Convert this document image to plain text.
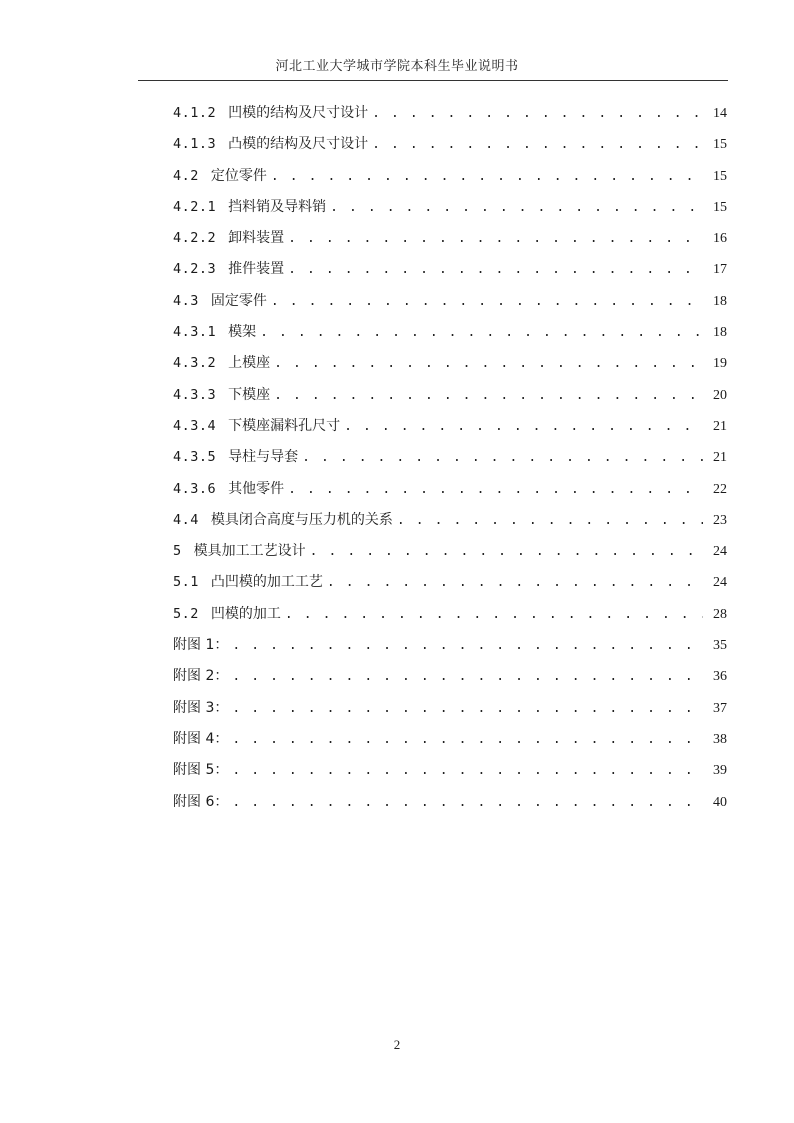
河北工业大学城市学院本科生毕业说明书
4.1.2 凹模的结构及尺寸设计 . . .	14
4.1.3 凸模的结构及尺寸设计 . . .	15
4.2 定位零件 . . .	15
4.2.1 挡料销及导料销 . . .	15
4.2.2 卸料装置 . . .	16
4.2.3 推件装置 . . .	17
4.3 固定零件 . . .	18
4.3.1 模架 . . .	18
4.3.2 上模座 . . .	19
4.3.3 下模座 . . .	20
4.3.4 下模座漏料孔尺寸 . . .	21
4.3.5 导柱与导套 . . .	21
4.3.6 其他零件 . . .	22
4.4 模具闭合高度与压力机的关系 . . .	23
5 模具加工工艺设计 . . .	24
5.1 凸凹模的加工工艺 . . .	24
5.2 凹模的加工 . . .	28
附图 1： . . .	35
附图 2： . . .	36
附图 3： . . .	37
附图 4： . . .	38
附图 5： . . .	39
附图 6： . . .	40
2
